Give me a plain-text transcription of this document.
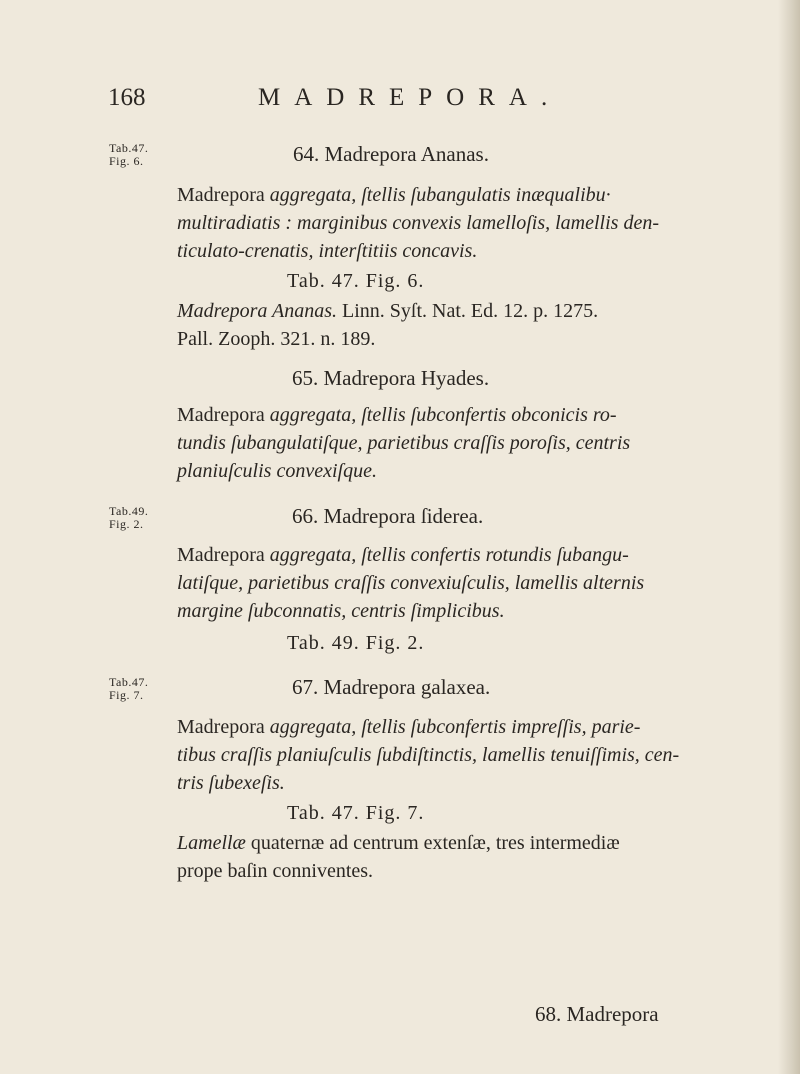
168	MADREPORA.
Tab.47.
Fig. 6.	64. Madrepora Ananas.
Madrepora aggregata, ſtellis ſubangulatis inæqualibu·
multiradiatis : marginibus convexis lamelloſis, lamellis den-
ticulato-crenatis, interſtitiis concavis.
Tab. 47. Fig. 6.
Madrepora Ananas. Linn. Syſt. Nat. Ed. 12. p. 1275.
Pall. Zooph. 321. n. 189.
65. Madrepora Hyades.
Madrepora aggregata, ſtellis ſubconfertis obconicis ro-
tundis ſubangulatiſque, parietibus craſſis poroſis, centris
planiuſculis convexiſque.
Tab.49.
Fig. 2.	66. Madrepora ſiderea.
Madrepora aggregata, ſtellis confertis rotundis ſubangu-
latiſque, parietibus craſſis convexiuſculis, lamellis alternis
margine ſubconnatis, centris ſimplicibus.
Tab. 49. Fig. 2.
Tab.47.
Fig. 7.	67. Madrepora galaxea.
Madrepora aggregata, ſtellis ſubconfertis impreſſis, parie-
tibus craſſis planiuſculis ſubdiſtinctis, lamellis tenuiſſimis, cen-
tris ſubexeſis.
Tab. 47. Fig. 7.
Lamellæ quaternæ ad centrum extenſæ, tres intermediæ
prope baſin conniventes.
68. Madrepora
